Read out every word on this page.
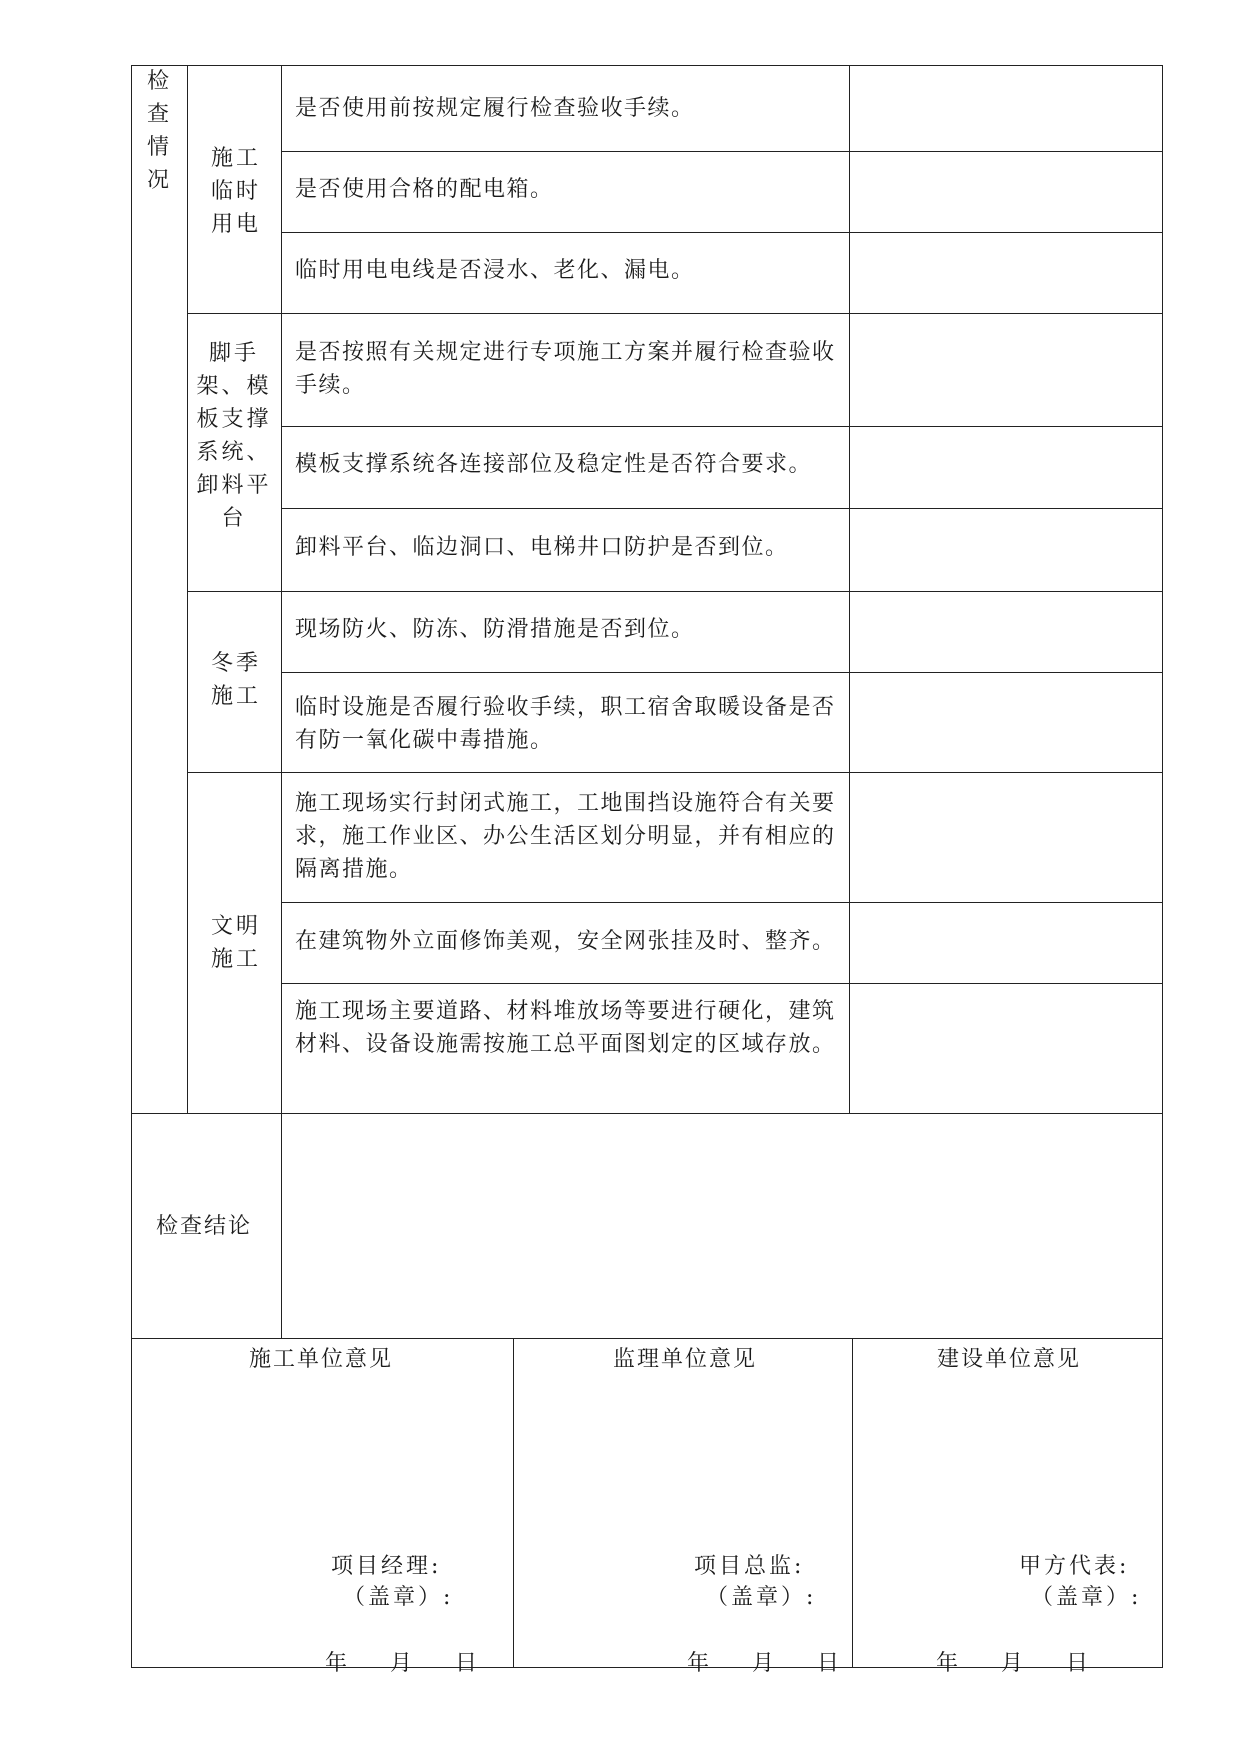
检查情况
施工临时用电
脚手架、模板支撑系统、卸料平台
冬季施工
文明施工
是否使用前按规定履行检查验收手续。
是否使用合格的配电箱。
临时用电电线是否浸水、老化、漏电。
是否按照有关规定进行专项施工方案并履行检查验收手续。
模板支撑系统各连接部位及稳定性是否符合要求。
卸料平台、临边洞口、电梯井口防护是否到位。
现场防火、防冻、防滑措施是否到位。
临时设施是否履行验收手续，职工宿舍取暖设备是否有防一氧化碳中毒措施。
施工现场实行封闭式施工，工地围挡设施符合有关要求，施工作业区、办公生活区划分明显，并有相应的隔离措施。
在建筑物外立面修饰美观，安全网张挂及时、整齐。
施工现场主要道路、材料堆放场等要进行硬化，建筑材料、设备设施需按施工总平面图划定的区域存放。
检查结论
施工单位意见	监理单位意见	建设单位意见
项目经理:
（盖章）:
年    月    日
项目总监:
（盖章）:
年    月    日
甲方代表:
（盖章）:
年    月    日
